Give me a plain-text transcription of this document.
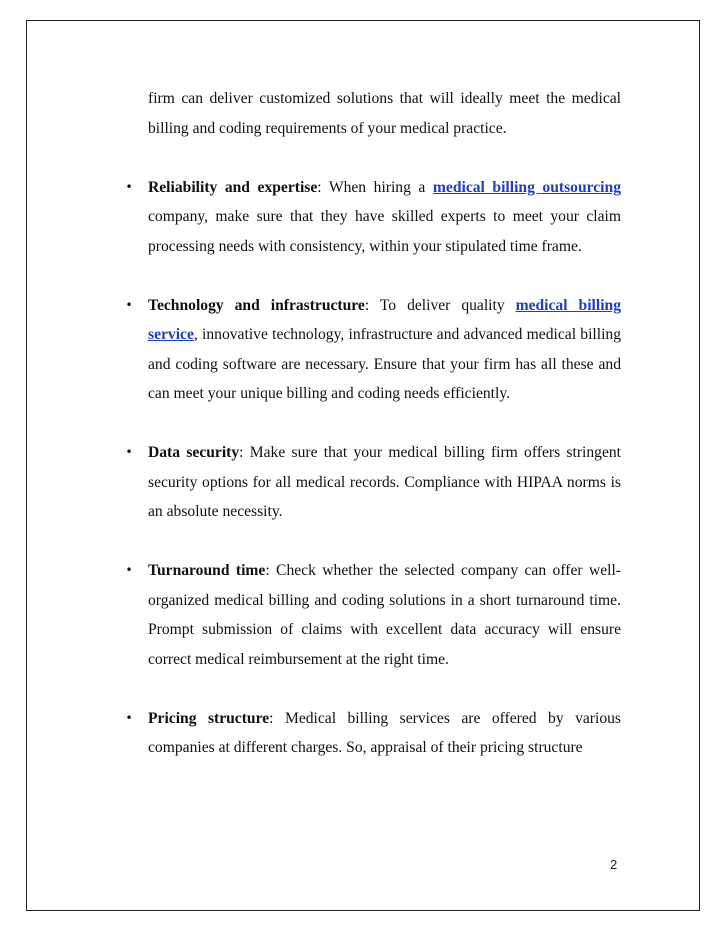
firm can deliver customized solutions that will ideally meet the medical billing and coding requirements of your medical practice.

• Reliability and expertise: When hiring a medical billing outsourcing company, make sure that they have skilled experts to meet your claim processing needs with consistency, within your stipulated time frame.

• Technology and infrastructure: To deliver quality medical billing service, innovative technology, infrastructure and advanced medical billing and coding software are necessary. Ensure that your firm has all these and can meet your unique billing and coding needs efficiently.

• Data security: Make sure that your medical billing firm offers stringent security options for all medical records. Compliance with HIPAA norms is an absolute necessity.

• Turnaround time: Check whether the selected company can offer well-organized medical billing and coding solutions in a short turnaround time. Prompt submission of claims with excellent data accuracy will ensure correct medical reimbursement at the right time.

• Pricing structure: Medical billing services are offered by various companies at different charges. So, appraisal of their pricing structure

2
